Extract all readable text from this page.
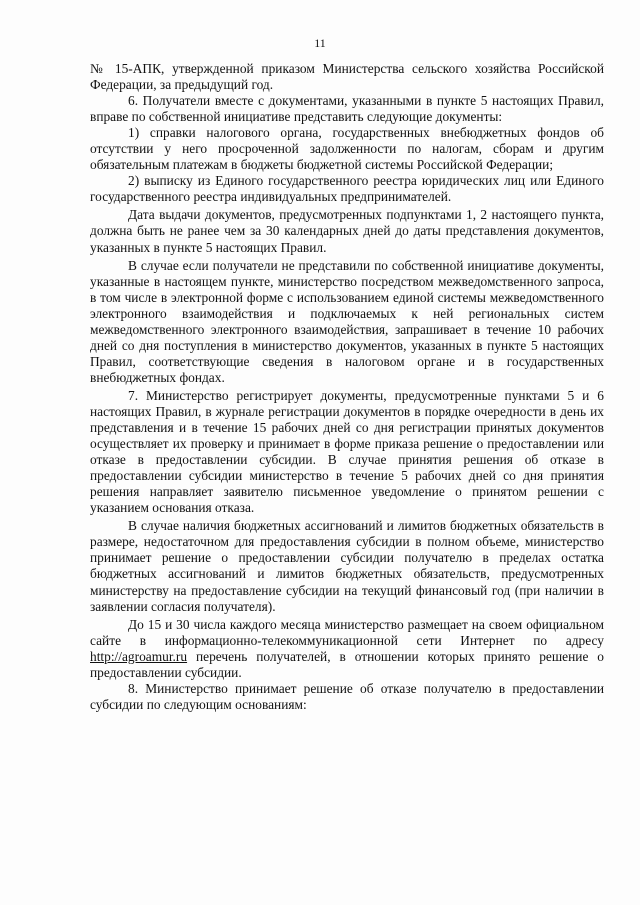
11

№ 15-АПК, утвержденной приказом Министерства сельского хозяйства Российской Федерации, за предыдущий год.

6. Получатели вместе с документами, указанными в пункте 5 настоящих Правил, вправе по собственной инициативе представить следующие документы:

1) справки налогового органа, государственных внебюджетных фондов об отсутствии у него просроченной задолженности по налогам, сборам и другим обязательным платежам в бюджеты бюджетной системы Российской Федерации;

2) выписку из Единого государственного реестра юридических лиц или Единого государственного реестра индивидуальных предпринимателей.

Дата выдачи документов, предусмотренных подпунктами 1, 2 настоящего пункта, должна быть не ранее чем за 30 календарных дней до даты представления документов, указанных в пункте 5 настоящих Правил.

В случае если получатели не представили по собственной инициативе документы, указанные в настоящем пункте, министерство посредством межведомственного запроса, в том числе в электронной форме с использованием единой системы межведомственного электронного взаимодействия и подключаемых к ней региональных систем межведомственного электронного взаимодействия, запрашивает в течение 10 рабочих дней со дня поступления в министерство документов, указанных в пункте 5 настоящих Правил, соответствующие сведения в налоговом органе и в государственных внебюджетных фондах.

7. Министерство регистрирует документы, предусмотренные пунктами 5 и 6 настоящих Правил, в журнале регистрации документов в порядке очередности в день их представления и в течение 15 рабочих дней со дня регистрации принятых документов осуществляет их проверку и принимает в форме приказа решение о предоставлении или отказе в предоставлении субсидии. В случае принятия решения об отказе в предоставлении субсидии министерство в течение 5 рабочих дней со дня принятия решения направляет заявителю письменное уведомление о принятом решении с указанием основания отказа.

В случае наличия бюджетных ассигнований и лимитов бюджетных обязательств в размере, недостаточном для предоставления субсидии в полном объеме, министерство принимает решение о предоставлении субсидии получателю в пределах остатка бюджетных ассигнований и лимитов бюджетных обязательств, предусмотренных министерству на предоставление субсидии на текущий финансовый год (при наличии в заявлении согласия получателя).

До 15 и 30 числа каждого месяца министерство размещает на своем официальном сайте в информационно-телекоммуникационной сети Интернет по адресу http://agroamur.ru перечень получателей, в отношении которых принято решение о предоставлении субсидии.

8. Министерство принимает решение об отказе получателю в предоставлении субсидии по следующим основаниям:
